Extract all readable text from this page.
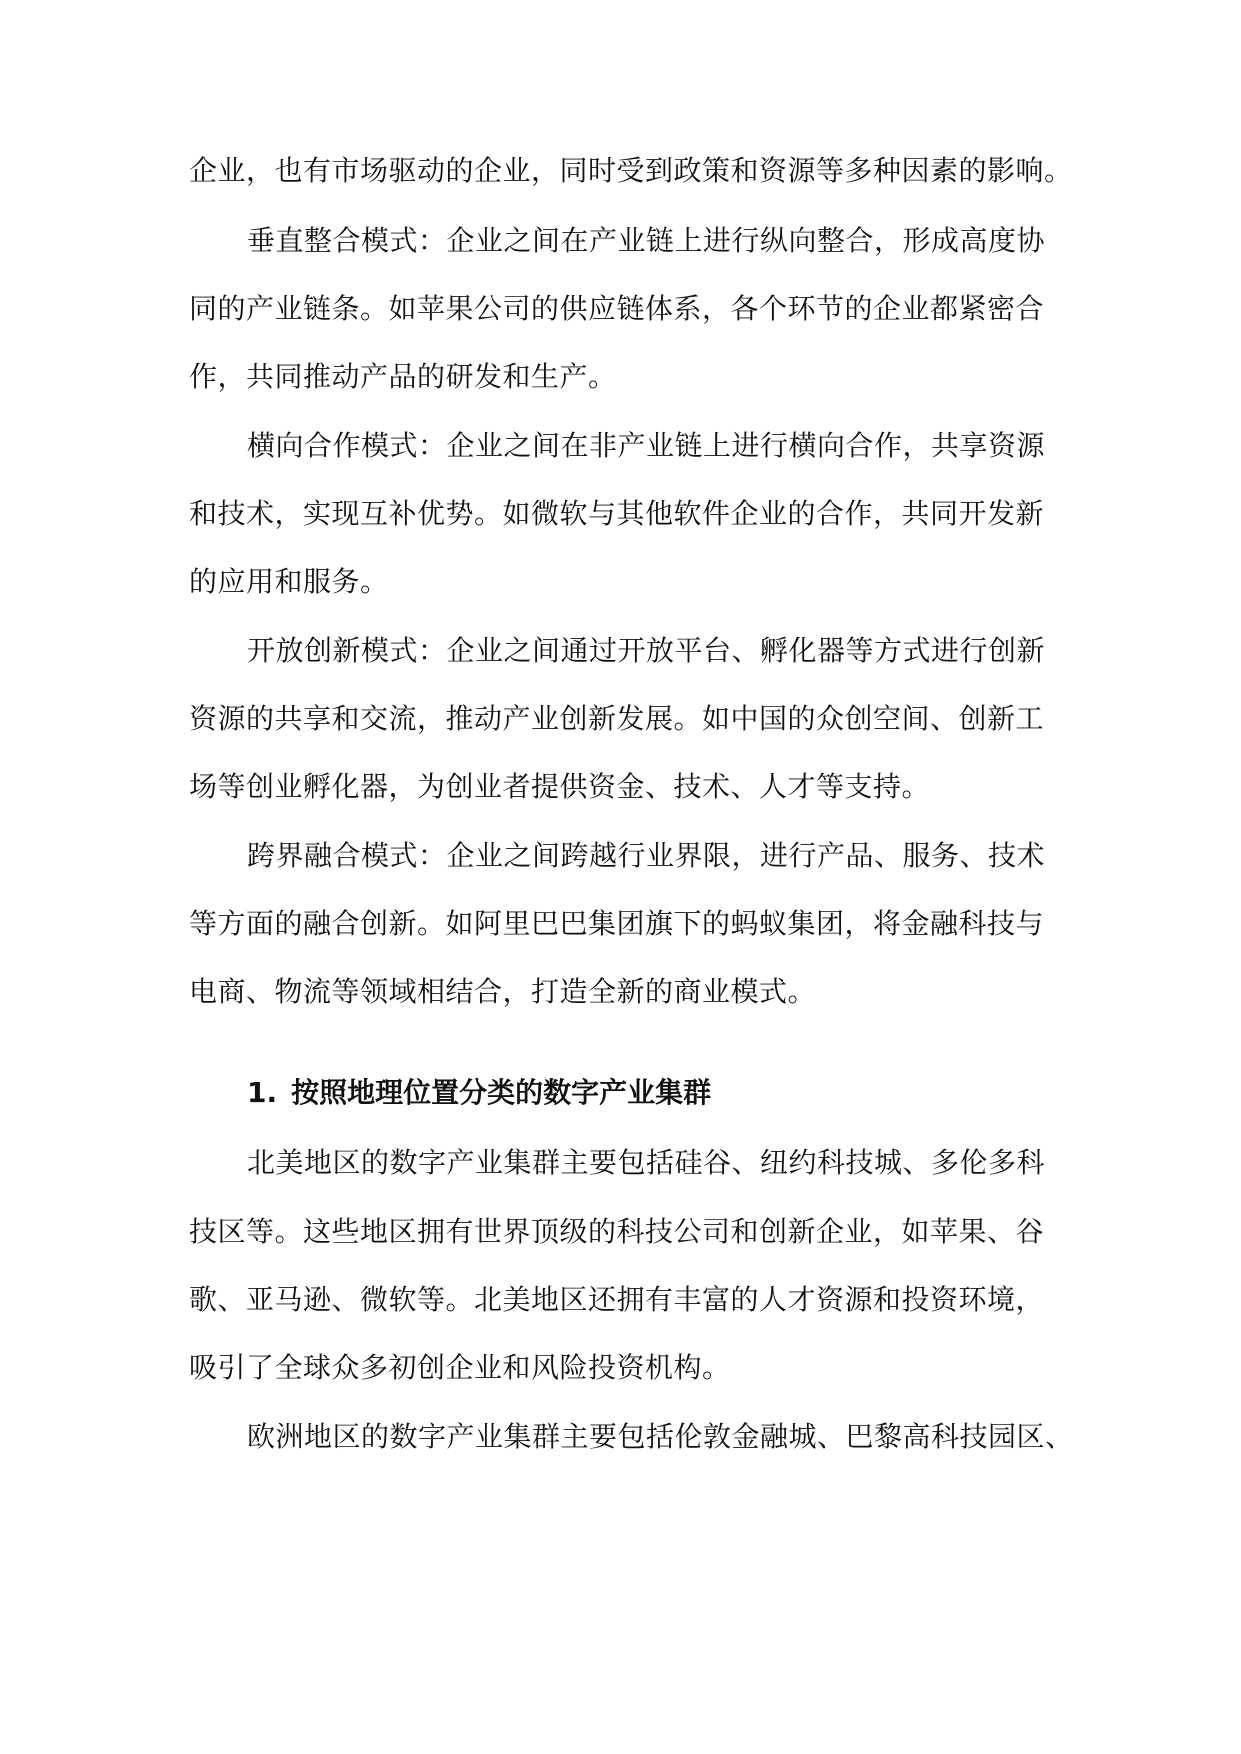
企业，也有市场驱动的企业，同时受到政策和资源等多种因素的影响。
垂直整合模式：企业之间在产业链上进行纵向整合，形成高度协
同的产业链条。如苹果公司的供应链体系，各个环节的企业都紧密合
作，共同推动产品的研发和生产。
横向合作模式：企业之间在非产业链上进行横向合作，共享资源
和技术，实现互补优势。如微软与其他软件企业的合作，共同开发新
的应用和服务。
开放创新模式：企业之间通过开放平台、孵化器等方式进行创新
资源的共享和交流，推动产业创新发展。如中国的众创空间、创新工
场等创业孵化器，为创业者提供资金、技术、人才等支持。
跨界融合模式：企业之间跨越行业界限，进行产品、服务、技术
等方面的融合创新。如阿里巴巴集团旗下的蚂蚁集团，将金融科技与
电商、物流等领域相结合，打造全新的商业模式。
1. 按照地理位置分类的数字产业集群
北美地区的数字产业集群主要包括硅谷、纽约科技城、多伦多科
技区等。这些地区拥有世界顶级的科技公司和创新企业，如苹果、谷
歌、亚马逊、微软等。北美地区还拥有丰富的人才资源和投资环境，
吸引了全球众多初创企业和风险投资机构。
欧洲地区的数字产业集群主要包括伦敦金融城、巴黎高科技园区、
